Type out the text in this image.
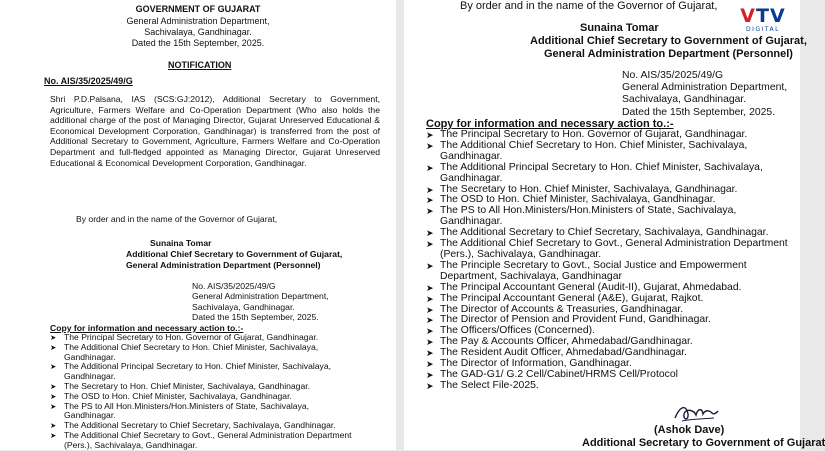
GOVERNMENT OF GUJARAT
General Administration Department,
Sachivalaya, Gandhinagar.
Dated the 15th September, 2025.
NOTIFICATION
No. AIS/35/2025/49/G
Shri P.D.Palsana, IAS (SCS:GJ:2012), Additional Secretary to Government, Agriculture, Farmers Welfare and Co-Operation Department (Who also holds the additional charge of the post of Managing Director, Gujarat Unreserved Educational & Economical Development Corporation, Gandhinagar) is transferred from the post of Additional Secretary to Government, Agriculture, Farmers Welfare and Co-Operation Department and full-fledged appointed as Managing Director, Gujarat Unreserved Educational & Economical Development Corporation, Gandhinagar.
By order and in the name of the Governor of Gujarat,
Sunaina Tomar
Additional Chief Secretary to Government of Gujarat,
General Administration Department (Personnel)
No. AIS/35/2025/49/G
General Administration Department,
Sachivalaya, Gandhinagar.
Dated the 15th September, 2025.
Copy for information and necessary action to.:-
➤ The Principal Secretary to Hon. Governor of Gujarat, Gandhinagar.
➤ The Additional Chief Secretary to Hon. Chief Minister, Sachivalaya,
Gandhinagar.
➤ The Additional Principal Secretary to Hon. Chief Minister, Sachivalaya,
Gandhinagar.
➤ The Secretary to Hon. Chief Minister, Sachivalaya, Gandhinagar.
➤ The OSD to Hon. Chief Minister, Sachivalaya, Gandhinagar.
➤ The PS to All Hon.Ministers/Hon.Ministers of State, Sachivalaya,
Gandhinagar.
➤ The Additional Secretary to Chief Secretary, Sachivalaya, Gandhinagar.
➤ The Additional Chief Secretary to Govt., General Administration Department
(Pers.), Sachivalaya, Gandhinagar.
By order and in the name of the Governor of Gujarat,
Sunaina Tomar
Additional Chief Secretary to Government of Gujarat,
General Administration Department (Personnel)
No. AIS/35/2025/49/G
General Administration Department,
Sachivalaya, Gandhinagar.
Dated the 15th September, 2025.
Copy for information and necessary action to.:-
➤ The Principal Secretary to Hon. Governor of Gujarat, Gandhinagar.
➤ The Additional Chief Secretary to Hon. Chief Minister, Sachivalaya,
Gandhinagar.
➤ The Additional Principal Secretary to Hon. Chief Minister, Sachivalaya,
Gandhinagar.
➤ The Secretary to Hon. Chief Minister, Sachivalaya, Gandhinagar.
➤ The OSD to Hon. Chief Minister, Sachivalaya, Gandhinagar.
➤ The PS to All Hon.Ministers/Hon.Ministers of State, Sachivalaya,
Gandhinagar.
➤ The Additional Secretary to Chief Secretary, Sachivalaya, Gandhinagar.
➤ The Additional Chief Secretary to Govt., General Administration Department
(Pers.), Sachivalaya, Gandhinagar.
➤ The Principle Secretary to Govt., Social Justice and Empowerment
Department, Sachivalaya, Gandhinagar
➤ The Principal Accountant General (Audit-II), Gujarat, Ahmedabad.
➤ The Principal Accountant General (A&E), Gujarat, Rajkot.
➤ The Director of Accounts & Treasuries, Gandhinagar.
➤ The Director of Pension and Provident Fund, Gandhinagar.
➤ The Officers/Offices (Concerned).
➤ The Pay & Accounts Officer, Ahmedabad/Gandhinagar.
➤ The Resident Audit Officer, Ahmedabad/Gandhinagar.
➤ The Director of Information, Gandhinagar.
➤ The GAD-G1/ G.2 Cell/Cabinet/HRMS Cell/Protocol
➤ The Select File-2025.
(Ashok Dave)
Additional Secretary to Government of Gujarat
VTV
DIGITAL
